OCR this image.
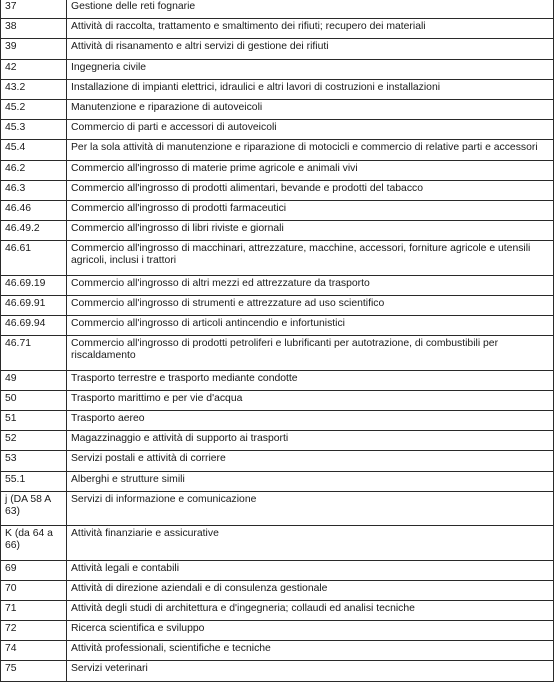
37	Gestione delle reti fognarie
38	Attività di raccolta, trattamento e smaltimento dei rifiuti; recupero dei materiali
39	Attività di risanamento e altri servizi di gestione dei rifiuti
42	Ingegneria civile
43.2	Installazione di impianti elettrici, idraulici e altri lavori di costruzioni e installazioni
45.2	Manutenzione e riparazione di autoveicoli
45.3	Commercio di parti e accessori di autoveicoli
45.4	Per la sola attività di manutenzione e riparazione di motocicli e commercio di relative parti e accessori
46.2	Commercio all'ingrosso di materie prime agricole e animali vivi
46.3	Commercio all'ingrosso di prodotti alimentari, bevande e prodotti del tabacco
46.46	Commercio all'ingrosso di prodotti farmaceutici
46.49.2	Commercio all'ingrosso di libri riviste e giornali
46.61	Commercio all'ingrosso di macchinari, attrezzature, macchine, accessori, forniture agricole e utensili agricoli, inclusi i trattori
46.69.19	Commercio all'ingrosso di altri mezzi ed attrezzature da trasporto
46.69.91	Commercio all'ingrosso di strumenti e attrezzature ad uso scientifico
46.69.94	Commercio all'ingrosso di articoli antincendio e infortunistici
46.71	Commercio all'ingrosso di prodotti petroliferi e lubrificanti per autotrazione, di combustibili per riscaldamento
49	Trasporto terrestre e trasporto mediante condotte
50	Trasporto marittimo e per vie d'acqua
51	Trasporto aereo
52	Magazzinaggio e attività di supporto ai trasporti
53	Servizi postali e attività di corriere
55.1	Alberghi e strutture simili
j (DA 58 A 63)	Servizi di informazione e comunicazione
K (da 64 a 66)	Attività finanziarie e assicurative
69	Attività legali e contabili
70	Attività di direzione aziendali e di consulenza gestionale
71	Attività degli studi di architettura e d'ingegneria; collaudi ed analisi tecniche
72	Ricerca scientifica e sviluppo
74	Attività professionali, scientifiche e tecniche
75	Servizi veterinari
